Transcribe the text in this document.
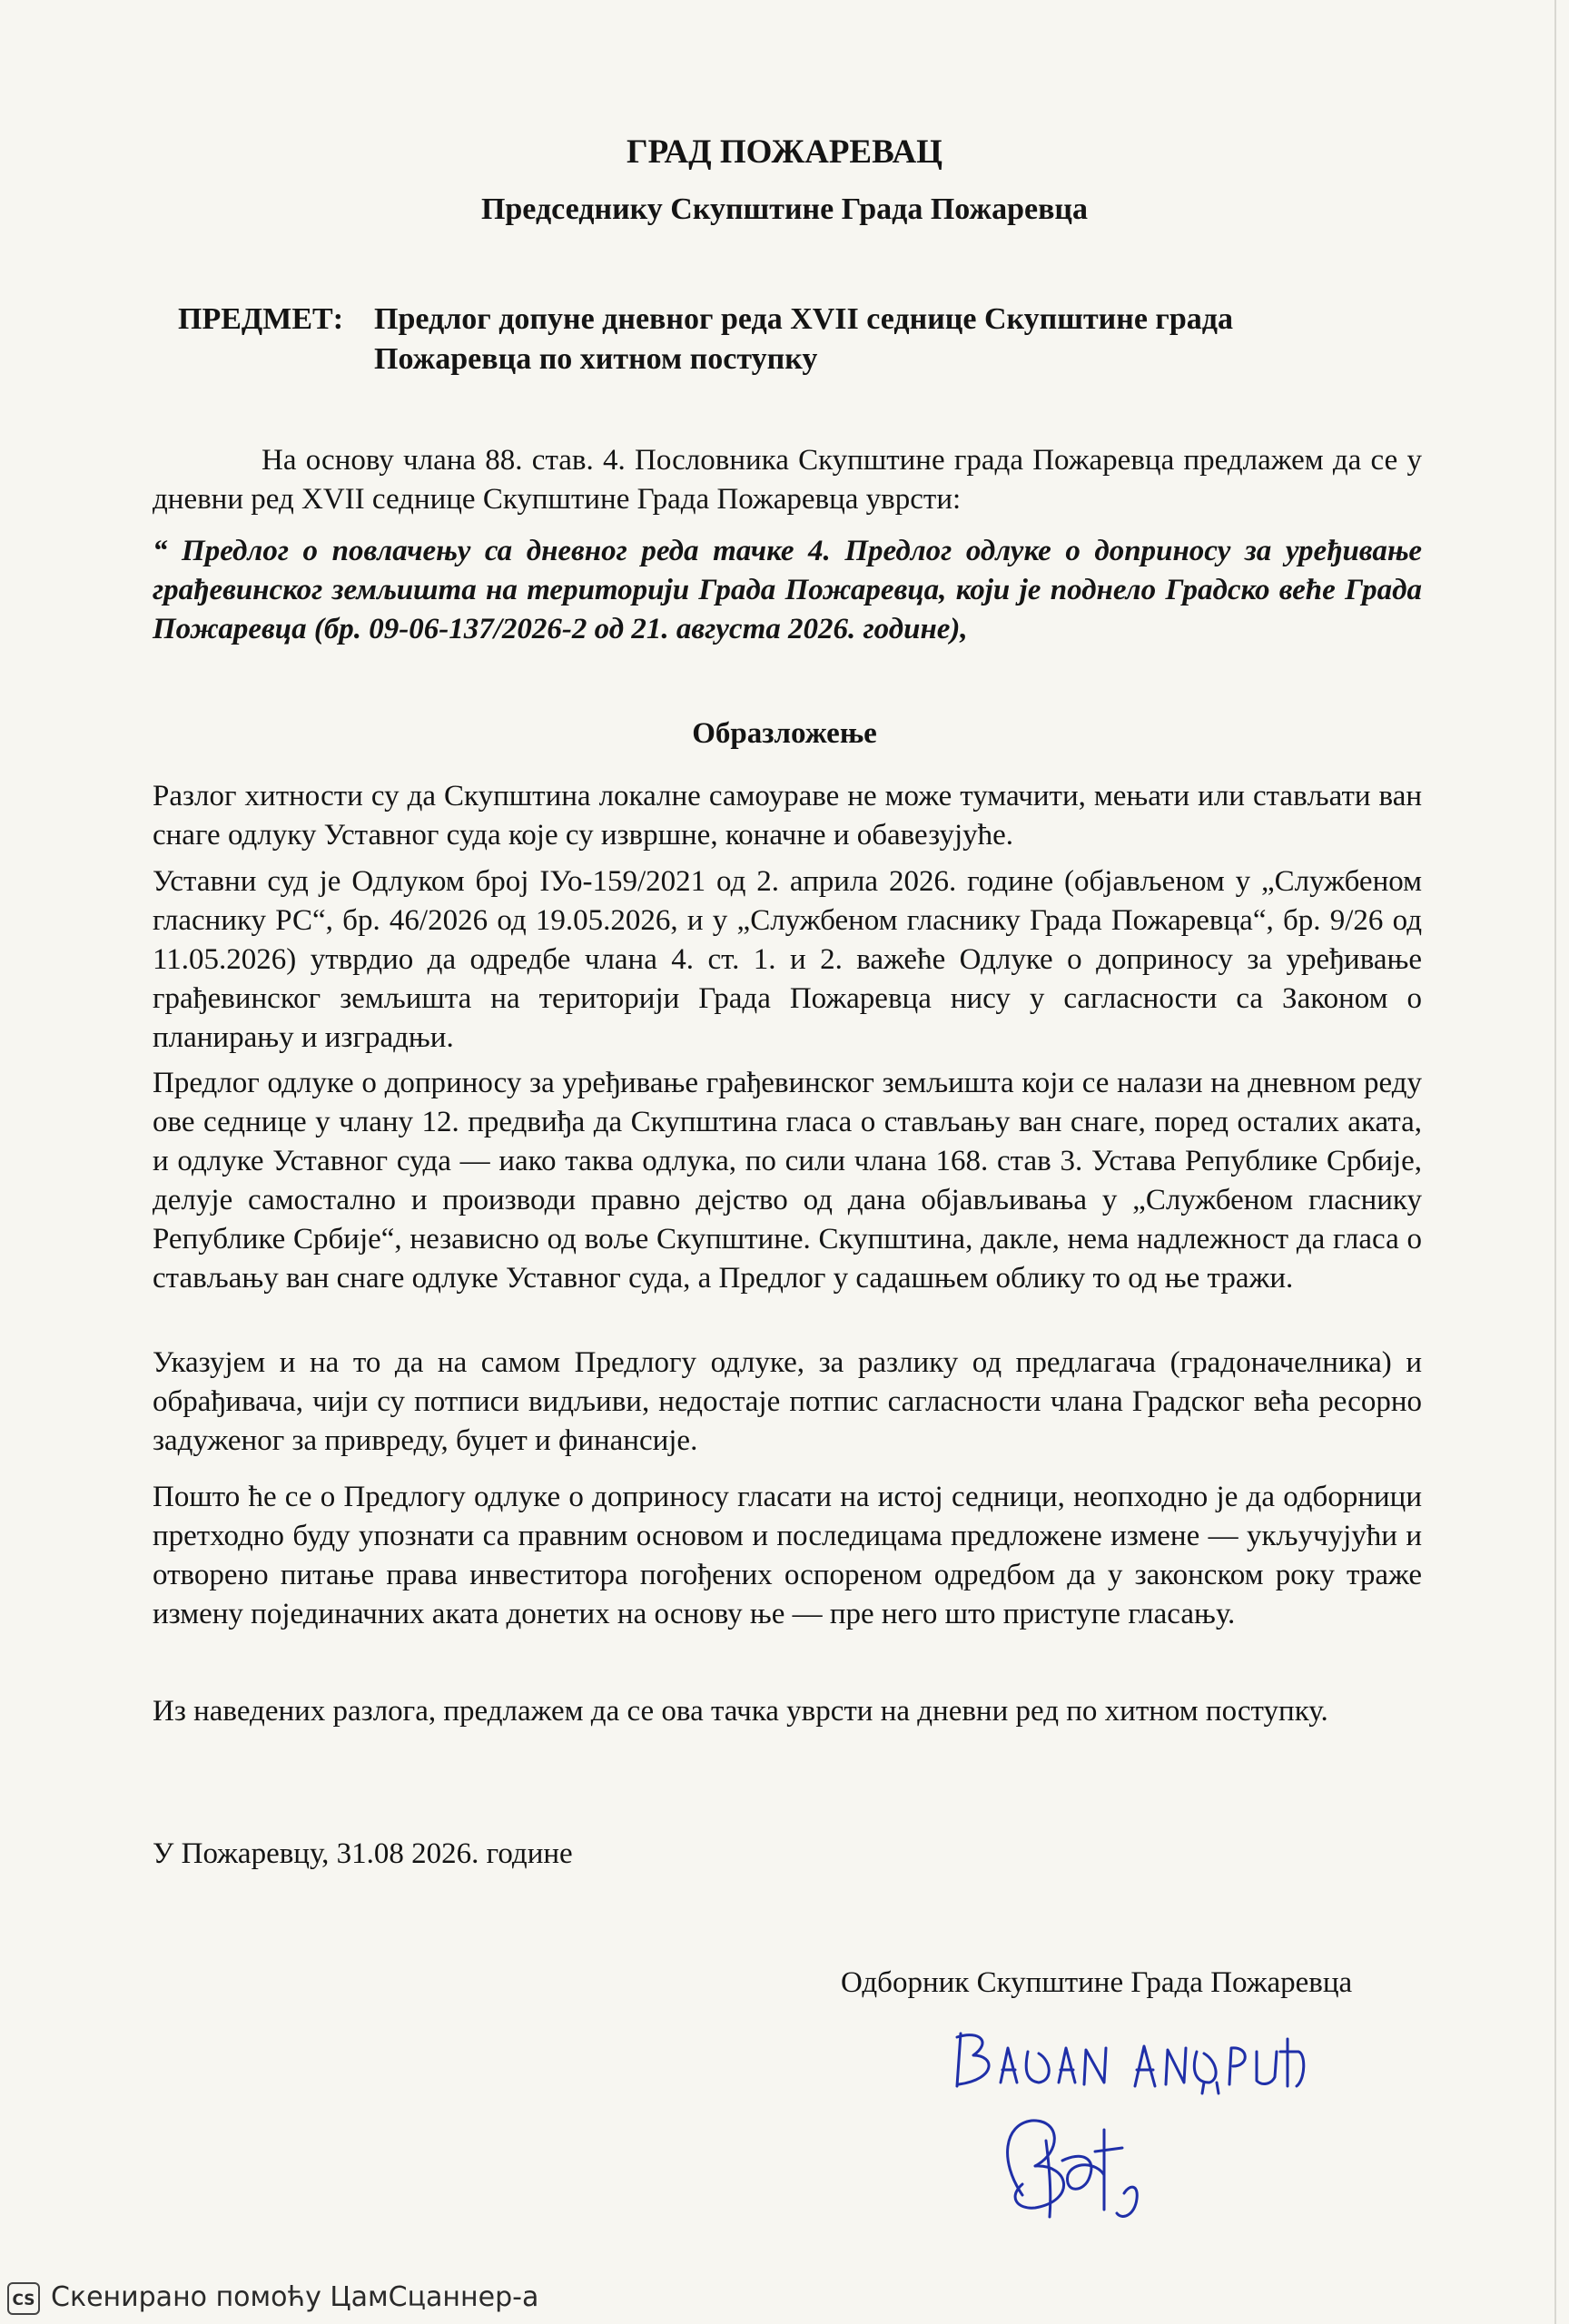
ГРАД ПОЖАРЕВАЦ
Председнику Скупштине Града Пожаревца
ПРЕДМЕТ: Предлог допуне дневног реда XVII седнице Скупштине града
Пожаревца по хитном поступку
На основу члана 88. став. 4. Пословника Скупштине града Пожаревца предлажем да се у дневни ред XVII седнице Скупштине Града Пожаревца уврсти:
“ Предлог о повлачењу са дневног реда тачке 4. Предлог одлуке о доприносу за уређивање грађевинског земљишта на територији Града Пожаревца, који је поднело Градско веће Града Пожаревца (бр. 09-06-137/2026-2 од 21. августа 2026. године),
Образложење
Разлог хитности су да Скупштина локалне самоураве не може тумачити, мењати или стављати ван снаге одлуку Уставног суда које су извршне, коначне и обавезујуће.
Уставни суд је Одлуком број IУо-159/2021 од 2. априла 2026. године (објављеном у „Службеном гласнику РС“, бр. 46/2026 од 19.05.2026, и у „Службеном гласнику Града Пожаревца“, бр. 9/26 од 11.05.2026) утврдио да одредбе члана 4. ст. 1. и 2. важеће Одлуке о доприносу за уређивање грађевинског земљишта на територији Града Пожаревца нису у сагласности са Законом о планирању и изградњи.
Предлог одлуке о доприносу за уређивање грађевинског земљишта који се налази на дневном реду ове седнице у члану 12. предвиђа да Скупштина гласа о стављању ван снаге, поред осталих аката, и одлуке Уставног суда — иако таква одлука, по сили члана 168. став 3. Устава Републике Србије, делује самостално и производи правно дејство од дана објављивања у „Службеном гласнику Републике Србије“, независно од воље Скупштине. Скупштина, дакле, нема надлежност да гласа о стављању ван снаге одлуке Уставног суда, а Предлог у садашњем облику то од ње тражи.
Указујем и на то да на самом Предлогу одлуке, за разлику од предлагача (градоначелника) и обрађивача, чији су потписи видљиви, недостаје потпис сагласности члана Градског већа ресорно задуженог за привреду, буџет и финансије.
Пошто ће се о Предлогу одлуке о доприносу гласати на истој седници, неопходно је да одборници претходно буду упознати са правним основом и последицама предложене измене — укључујући и отворено питање права инвеститора погођених оспореном одредбом да у законском року траже измену појединачних аката донетих на основу ње — пре него што приступе гласању.
Из наведених разлога, предлажем да се ова тачка уврсти на дневни ред по хитном поступку.
У Пожаревцу, 31.08 2026. године
Одборник Скупштине Града Пожаревца
CS Скенирано помоћу ЦамСцаннер-а
